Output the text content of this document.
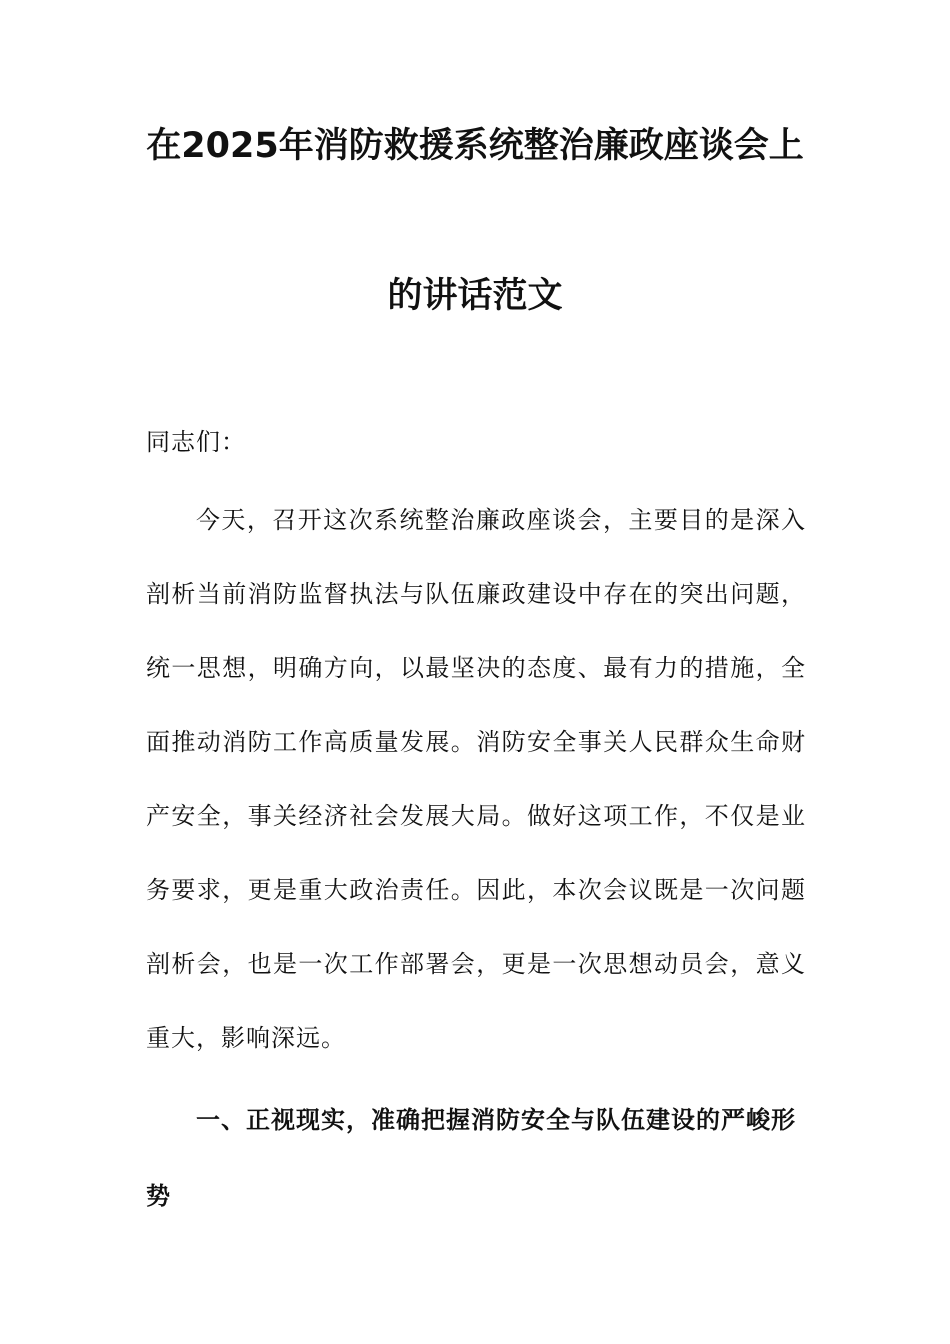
在2025年消防救援系统整治廉政座谈会上
的讲话范文
同志们：
今天，召开这次系统整治廉政座谈会，主要目的是深入剖析当前消防监督执法与队伍廉政建设中存在的突出问题，统一思想，明确方向，以最坚决的态度、最有力的措施，全面推动消防工作高质量发展。消防安全事关人民群众生命财产安全，事关经济社会发展大局。做好这项工作，不仅是业务要求，更是重大政治责任。因此，本次会议既是一次问题剖析会，也是一次工作部署会，更是一次思想动员会，意义重大，影响深远。
一、正视现实，准确把握消防安全与队伍建设的严峻形势
